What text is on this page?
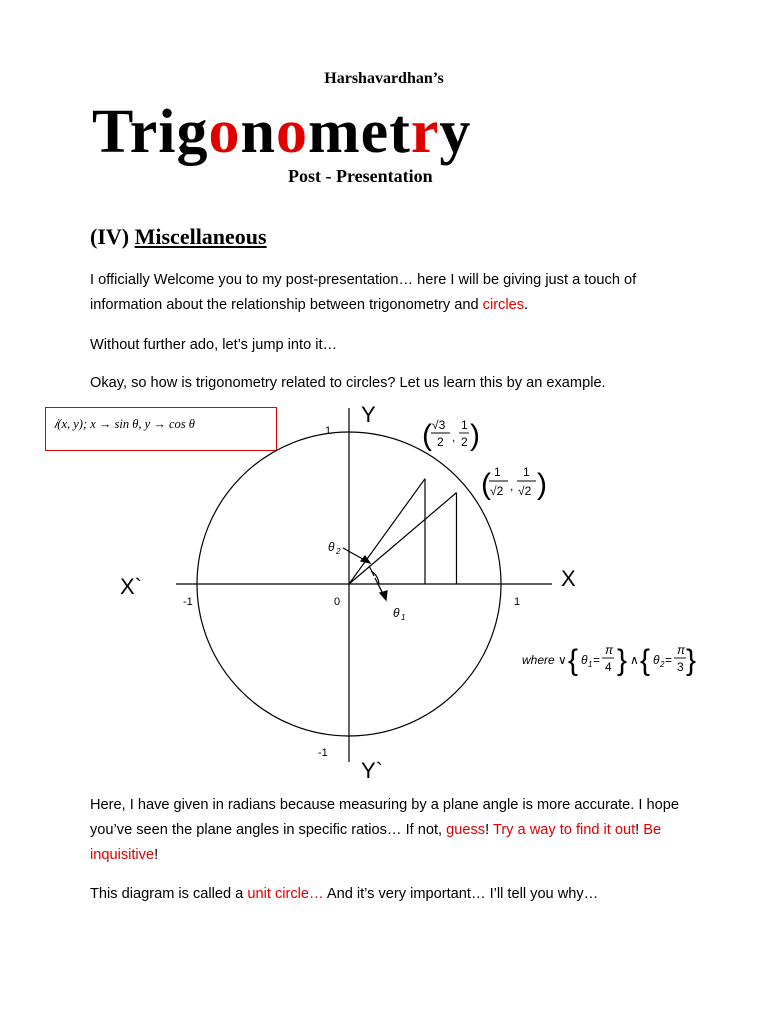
Harshavardhan’s
Trigonometry
Post - Presentation
(IV) Miscellaneous
I officially Welcome you to my post-presentation… here I will be giving just a touch of information about the relationship between trigonometry and circles.
Without further ado, let’s jump into it…
Okay, so how is trigonometry related to circles? Let us learn this by an example.
𝑖(x, y); x → sin θ, y → cos θ	Y
Y`
X
X`
1
-1
1
-1	0
( √3
2 ,
1
2 )
( 1
√2 ,
1
√2 )
θ 2
θ 1
where ∨ { θ 1 =
π
4 } ∧ { θ 2 =
π
3 }
Here, I have given in radians because measuring by a plane angle is more accurate. I hope you’ve seen the plane angles in specific ratios… If not, guess! Try a way to find it out! Be inquisitive!
This diagram is called a unit circle… And it’s very important… I’ll tell you why…
